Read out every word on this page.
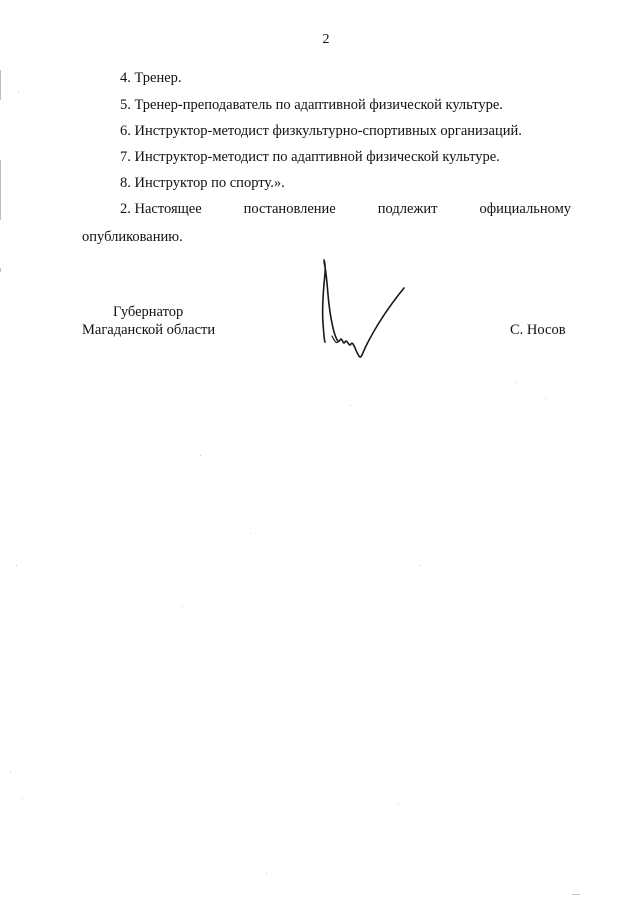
2
4. Тренер.
5. Тренер-преподаватель по адаптивной физической культуре.
6. Инструктор-методист физкультурно-спортивных организаций.
7. Инструктор-методист по адаптивной физической культуре.
8. Инструктор по спорту.».
2. Настоящее	постановление	подлежит	официальному
опубликованию.
Губернатор
Магаданской области	С. Носов
